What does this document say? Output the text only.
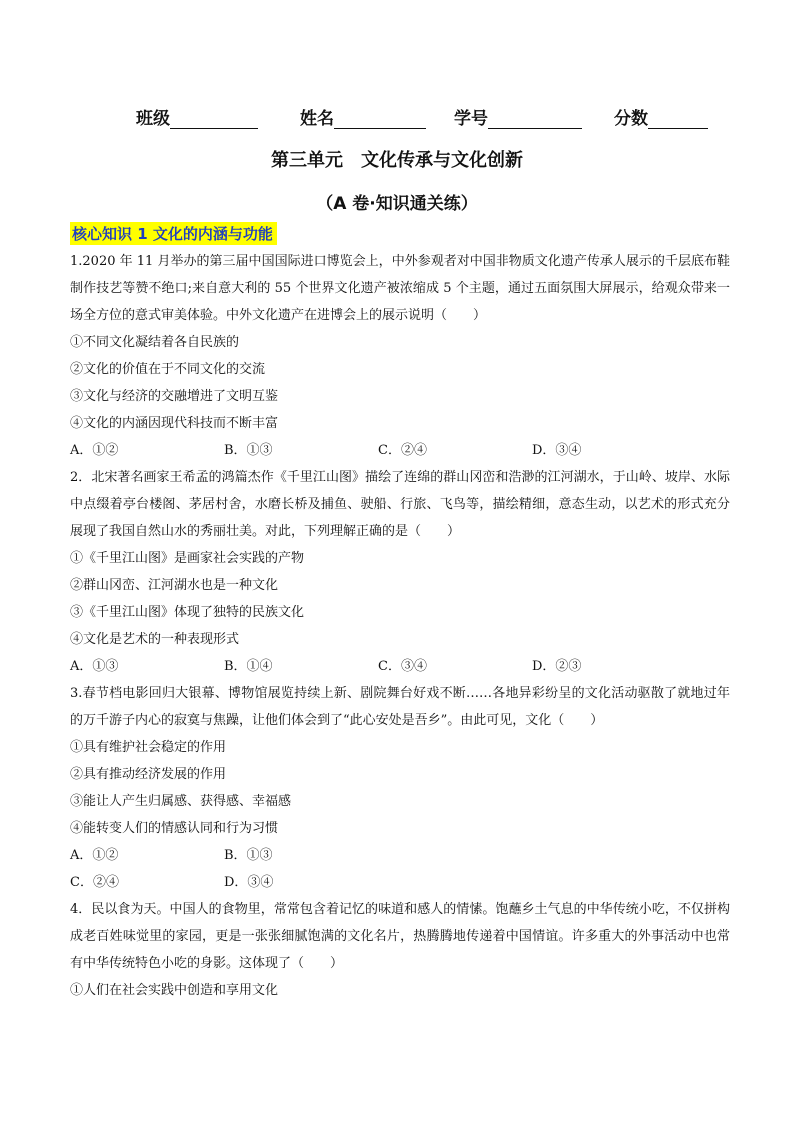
班级	姓名	学号	分数
第三单元　文化传承与文化创新
（A 卷·知识通关练）
核心知识 1 文化的内涵与功能
1.2020 年 11 月举办的第三届中国国际进口博览会上，中外参观者对中国非物质文化遗产传承人展示的千层底布鞋制作技艺等赞不绝口;来自意大利的 55 个世界文化遗产被浓缩成 5 个主题，通过五面氛围大屏展示，给观众带来一场全方位的意式审美体验。中外文化遗产在进博会上的展示说明（　　）
①不同文化凝结着各自民族的
②文化的价值在于不同文化的交流
③文化与经济的交融增进了文明互鉴
④文化的内涵因现代科技而不断丰富
A．①②	B．①③	C．②④	D．③④
2．北宋著名画家王希孟的鸿篇杰作《千里江山图》描绘了连绵的群山冈峦和浩渺的江河湖水，于山岭、坡岸、水际中点缀着亭台楼阁、茅居村舍，水磨长桥及捕鱼、驶船、行旅、飞鸟等，描绘精细，意态生动，以艺术的形式充分展现了我国自然山水的秀丽壮美。对此，下列理解正确的是（　　）
①《千里江山图》是画家社会实践的产物
②群山冈峦、江河湖水也是一种文化
③《千里江山图》体现了独特的民族文化
④文化是艺术的一种表现形式
A．①③	B．①④	C．③④	D．②③
3.春节档电影回归大银幕、博物馆展览持续上新、剧院舞台好戏不断……各地异彩纷呈的文化活动驱散了就地过年的万千游子内心的寂寞与焦躁，让他们体会到了“此心安处是吾乡”。由此可见，文化（　　）
①具有维护社会稳定的作用
②具有推动经济发展的作用
③能让人产生归属感、获得感、幸福感
④能转变人们的情感认同和行为习惯
A．①②	B．①③
C．②④	D．③④
4．民以食为天。中国人的食物里，常常包含着记忆的味道和感人的情愫。饱蘸乡土气息的中华传统小吃，不仅拼构成老百姓味觉里的家园，更是一张张细腻饱满的文化名片，热腾腾地传递着中国情谊。许多重大的外事活动中也常有中华传统特色小吃的身影。这体现了（　　）
①人们在社会实践中创造和享用文化
